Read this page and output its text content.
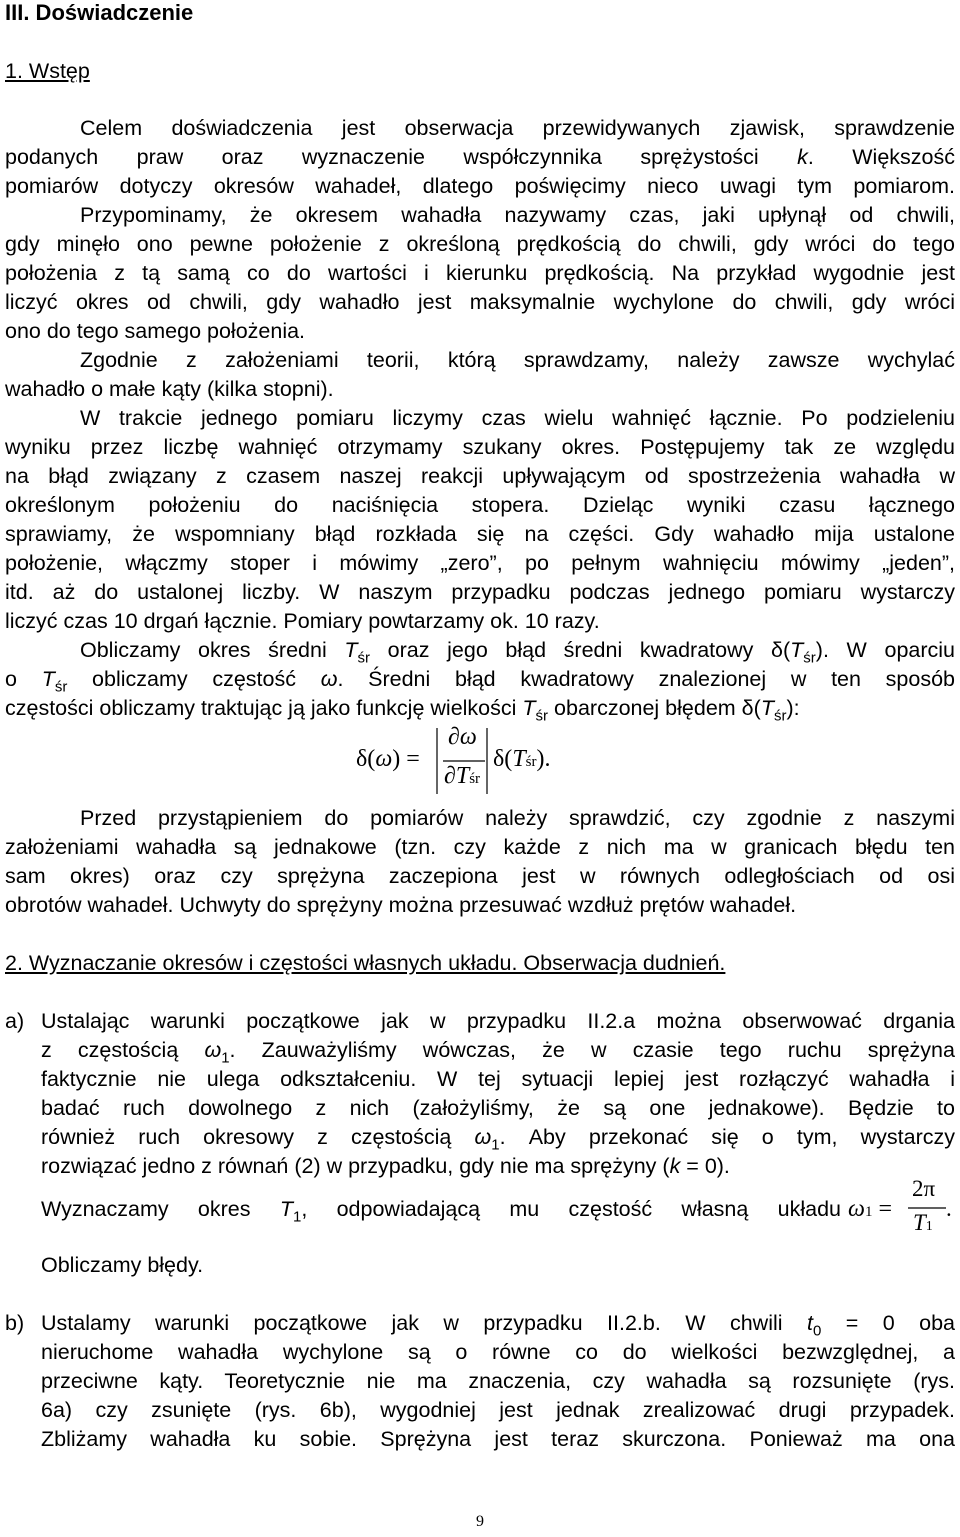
III. Doświadczenie
1. Wstęp
Celem doświadczenia jest obserwacja przewidywanych zjawisk, sprawdzenie
podanych praw oraz wyznaczenie współczynnika sprężystości k. Większość
pomiarów dotyczy okresów wahadeł, dlatego poświęcimy nieco uwagi tym pomiarom.
Przypominamy, że okresem wahadła nazywamy czas, jaki upłynął od chwili,
gdy minęło ono pewne położenie z określoną prędkością do chwili, gdy wróci do tego
położenia z tą samą co do wartości i kierunku prędkością. Na przykład wygodnie jest
liczyć okres od chwili, gdy wahadło jest maksymalnie wychylone do chwili, gdy wróci
ono do tego samego położenia.
Zgodnie z założeniami teorii, którą sprawdzamy, należy zawsze wychylać
wahadło o małe kąty (kilka stopni).
W trakcie jednego pomiaru liczymy czas wielu wahnięć łącznie. Po podzieleniu
wyniku przez liczbę wahnięć otrzymamy szukany okres. Postępujemy tak ze względu
na błąd związany z czasem naszej reakcji upływającym od spostrzeżenia wahadła w
określonym położeniu do naciśnięcia stopera. Dzieląc wyniki czasu łącznego
sprawiamy, że wspomniany błąd rozkłada się na części. Gdy wahadło mija ustalone
położenie, włączmy stoper i mówimy „zero”, po pełnym wahnięciu mówimy „jeden”,
itd. aż do ustalonej liczby. W naszym przypadku podczas jednego pomiaru wystarczy
liczyć czas 10 drgań łącznie. Pomiary powtarzamy ok. 10 razy.
Obliczamy okres średni $T_{śr}$ oraz jego błąd średni kwadratowy $\delta(T_{śr})$. W oparciu
o $T_{śr}$ obliczamy częstość ω. Średni błąd kwadratowy znalezionej w ten sposób
częstości obliczamy traktując ją jako funkcję wielkości $T_{śr}$ obarczonej błędem $\delta(T_{śr})$:
δ(ω) =
∂ω
∂Tśr
δ(Tśr).
Przed przystąpieniem do pomiarów należy sprawdzić, czy zgodnie z naszymi
założeniami wahadła są jednakowe (tzn. czy każde z nich ma w granicach błędu ten
sam okres) oraz czy sprężyna zaczepiona jest w równych odległościach od osi
obrotów wahadeł. Uchwyty do sprężyny można przesuwać wzdłuż prętów wahadeł.
2. Wyznaczanie okresów i częstości własnych układu. Obserwacja dudnień.
a) Ustalając warunki początkowe jak w przypadku II.2.a można obserwować drgania
z częstością $\omega_1$. Zauważyliśmy wówczas, że w czasie tego ruchu sprężyna
faktycznie nie ulega odkształceniu. W tej sytuacji lepiej jest rozłączyć wahadła i
badać ruch dowolnego z nich (założyliśmy, że są one jednakowe). Będzie to
również ruch okresowy z częstością $\omega_1$. Aby przekonać się o tym, wystarczy
rozwiązać jedno z równań (2) w przypadku, gdy nie ma sprężyny (k = 0).
Wyznaczamy okres $T_1$, odpowiadającą mu częstość własną układu ω1 =
2π
T1
.
Obliczamy błędy.
b) Ustalamy warunki początkowe jak w przypadku II.2.b. W chwili $t_0 = 0$ oba
nieruchome wahadła wychylone są o równe co do wielkości bezwzględnej, a
przeciwne kąty. Teoretycznie nie ma znaczenia, czy wahadła są rozsunięte (rys.
6a) czy zsunięte (rys. 6b), wygodniej jest jednak zrealizować drugi przypadek.
Zbliżamy wahadła ku sobie. Sprężyna jest teraz skurczona. Ponieważ ma ona
9
